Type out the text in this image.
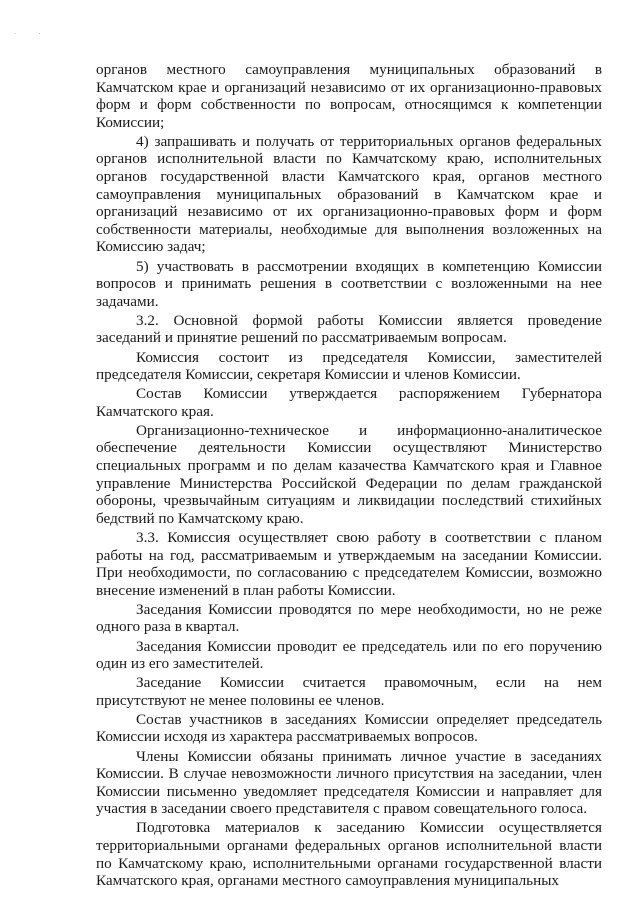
· ·

органов местного самоуправления муниципальных образований в Камчатском крае и организаций независимо от их организационно-правовых форм и форм собственности по вопросам, относящимся к компетенции Комиссии;

4) запрашивать и получать от территориальных органов федеральных органов исполнительной власти по Камчатскому краю, исполнительных органов государственной власти Камчатского края, органов местного самоуправления муниципальных образований в Камчатском крае и организаций независимо от их организационно-правовых форм и форм собственности материалы, необходимые для выполнения возложенных на Комиссию задач;

5) участвовать в рассмотрении входящих в компетенцию Комиссии вопросов и принимать решения в соответствии с возложенными на нее задачами.

3.2. Основной формой работы Комиссии является проведение заседаний и принятие решений по рассматриваемым вопросам.

Комиссия состоит из председателя Комиссии, заместителей председателя Комиссии, секретаря Комиссии и членов Комиссии.

Состав Комиссии утверждается распоряжением Губернатора Камчатского края.

Организационно-техническое и информационно-аналитическое обеспечение деятельности Комиссии осуществляют Министерство специальных программ и по делам казачества Камчатского края и Главное управление Министерства Российской Федерации по делам гражданской обороны, чрезвычайным ситуациям и ликвидации последствий стихийных бедствий по Камчатскому краю.

3.3. Комиссия осуществляет свою работу в соответствии с планом работы на год, рассматриваемым и утверждаемым на заседании Комиссии. При необходимости, по согласованию с председателем Комиссии, возможно внесение изменений в план работы Комиссии.

Заседания Комиссии проводятся по мере необходимости, но не реже одного раза в квартал.

Заседания Комиссии проводит ее председатель или по его поручению один из его заместителей.

Заседание Комиссии считается правомочным, если на нем присутствуют не менее половины ее членов.

Состав участников в заседаниях Комиссии определяет председатель Комиссии исходя из характера рассматриваемых вопросов.

Члены Комиссии обязаны принимать личное участие в заседаниях Комиссии. В случае невозможности личного присутствия на заседании, член Комиссии письменно уведомляет председателя Комиссии и направляет для участия в заседании своего представителя с правом совещательного голоса.

Подготовка материалов к заседанию Комиссии осуществляется территориальными органами федеральных органов исполнительной власти по Камчатскому краю, исполнительными органами государственной власти Камчатского края, органами местного самоуправления муниципальных
